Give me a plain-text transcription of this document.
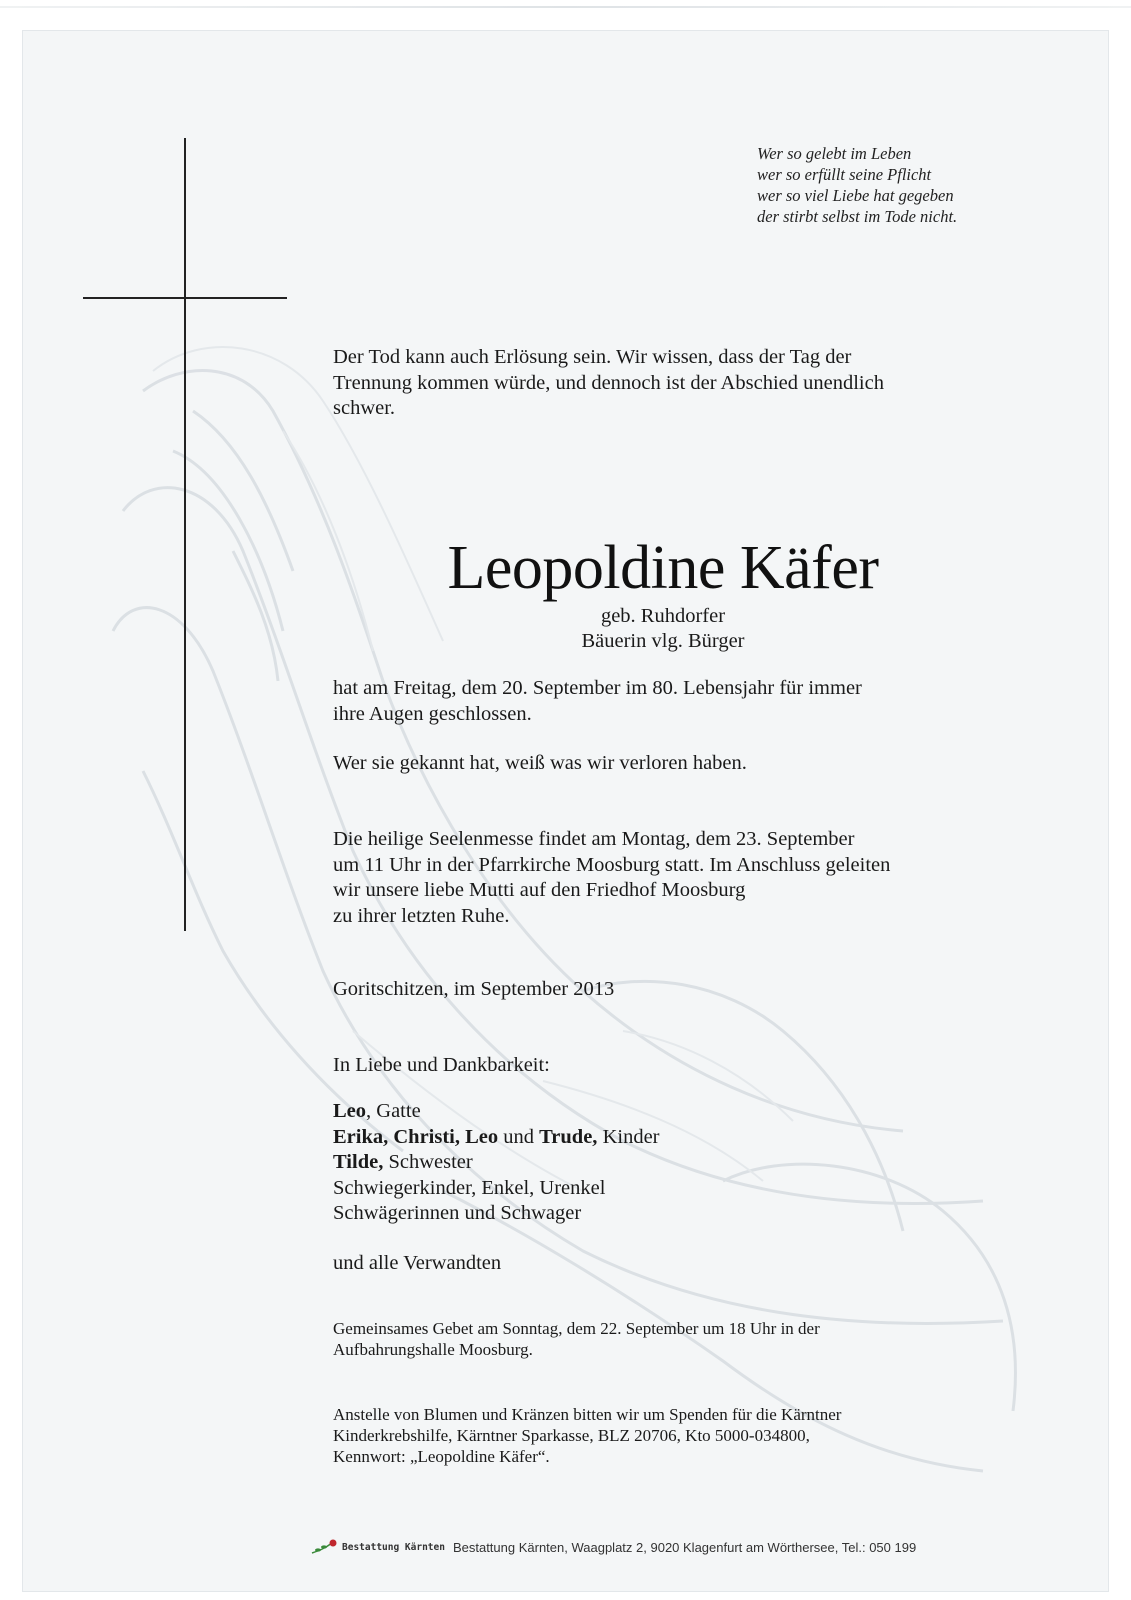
Wer so gelebt im Leben
wer so erfüllt seine Pflicht
wer so viel Liebe hat gegeben
der stirbt selbst im Tode nicht.
Der Tod kann auch Erlösung sein. Wir wissen, dass der Tag der
Trennung kommen würde, und dennoch ist der Abschied unendlich
schwer.
Leopoldine Käfer
geb. Ruhdorfer
Bäuerin vlg. Bürger
hat am Freitag, dem 20. September im 80. Lebensjahr für immer
ihre Augen geschlossen.
Wer sie gekannt hat, weiß was wir verloren haben.
Die heilige Seelenmesse findet am Montag, dem 23. September
um 11 Uhr in der Pfarrkirche Moosburg statt. Im Anschluss geleiten
wir unsere liebe Mutti auf den Friedhof Moosburg
zu ihrer letzten Ruhe.
Goritschitzen, im September 2013
In Liebe und Dankbarkeit:
Leo, Gatte
Erika, Christi, Leo und Trude, Kinder
Tilde, Schwester
Schwiegerkinder, Enkel, Urenkel
Schwägerinnen und Schwager
und alle Verwandten
Gemeinsames Gebet am Sonntag, dem 22. September um 18 Uhr in der
Aufbahrungshalle Moosburg.
Anstelle von Blumen und Kränzen bitten wir um Spenden für die Kärntner
Kinderkrebshilfe, Kärntner Sparkasse, BLZ 20706, Kto 5000-034800,
Kennwort: „Leopoldine Käfer“.
Bestattung Kärnten Bestattung Kärnten, Waagplatz 2, 9020 Klagenfurt am Wörthersee, Tel.: 050 199
